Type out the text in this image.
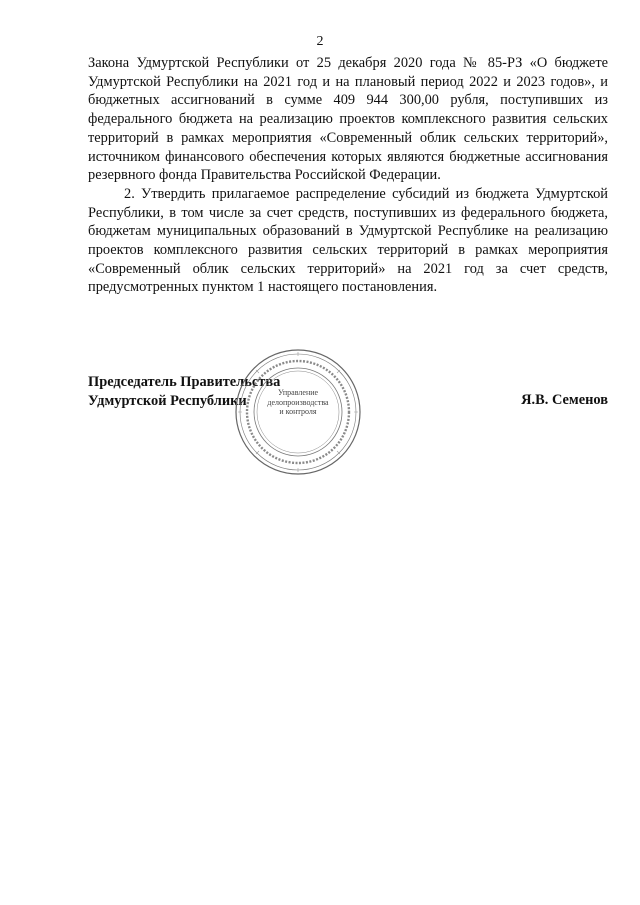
2

Закона Удмуртской Республики от 25 декабря 2020 года № 85-РЗ «О бюджете Удмуртской Республики на 2021 год и на плановый период 2022 и 2023 годов», и бюджетных ассигнований в сумме 409 944 300,00 рубля, поступивших из федерального бюджета на реализацию проектов комплексного развития сельских территорий в рамках мероприятия «Современный облик сельских территорий», источником финансового обеспечения которых являются бюджетные ассигнования резервного фонда Правительства Российской Федерации.

2. Утвердить прилагаемое распределение субсидий из бюджета Удмуртской Республики, в том числе за счет средств, поступивших из федерального бюджета, бюджетам муниципальных образований в Удмуртской Республике на реализацию проектов комплексного развития сельских территорий в рамках мероприятия «Современный облик сельских территорий» на 2021 год за счет средств, предусмотренных пунктом 1 настоящего постановления.

Председатель Правительства
Удмуртской Республики	Я.В. Семенов
Управление делопроизводства и контроля
